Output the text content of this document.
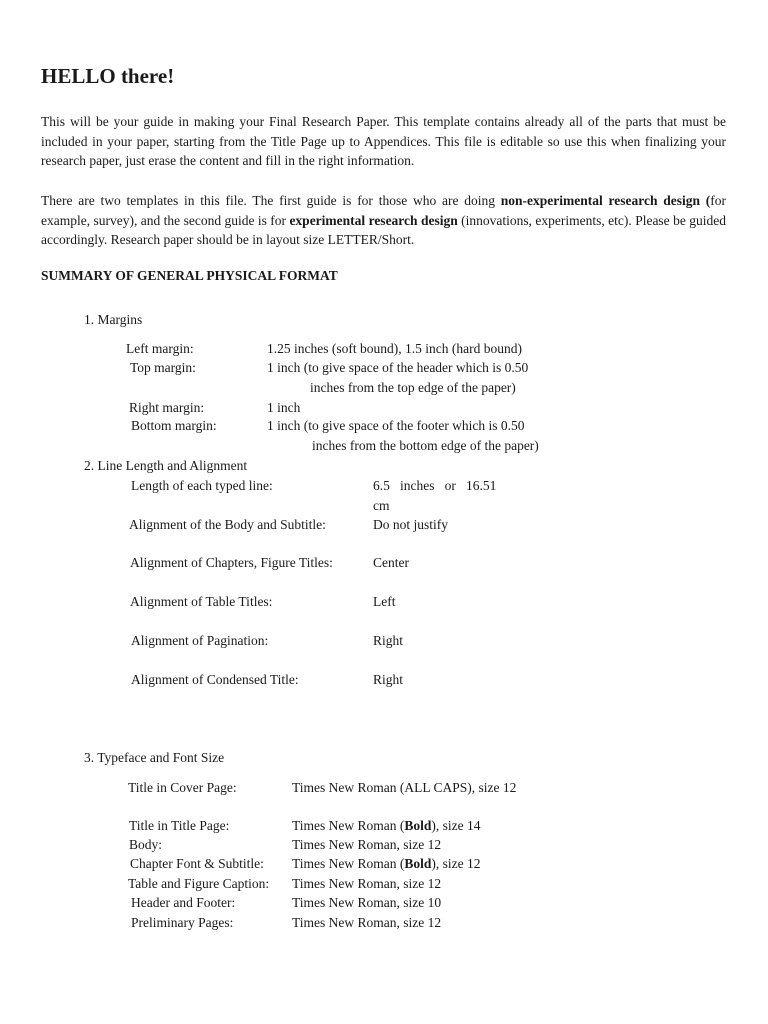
HELLO there!

This will be your guide in making your Final Research Paper. This template contains already all of the parts that must be included in your paper, starting from the Title Page up to Appendices. This file is editable so use this when finalizing your research paper, just erase the content and fill in the right information.

There are two templates in this file. The first guide is for those who are doing non-experimental research design (for example, survey), and the second guide is for experimental research design (innovations, experiments, etc). Please be guided accordingly. Research paper should be in layout size LETTER/Short.

SUMMARY OF GENERAL PHYSICAL FORMAT
1. Margins
Left margin:	1.25 inches (soft bound), 1.5 inch (hard bound)
Top margin:	1 inch (to give space of the header which is 0.50
inches from the top edge of the paper)
Right margin:	1 inch
Bottom margin:	1 inch (to give space of the footer which is 0.50
inches from the bottom edge of the paper)
2. Line Length and Alignment
Length of each typed line:	6.5   inches   or   16.51
cm
Alignment of the Body and Subtitle:	Do not justify
Alignment of Chapters, Figure Titles:	Center
Alignment of Table Titles:	Left
Alignment of Pagination:	Right
Alignment of Condensed Title:	Right
3. Typeface and Font Size
Title in Cover Page:	Times New Roman (ALL CAPS), size 12
Title in Title Page:	Times New Roman (Bold), size 14
Body:	Times New Roman, size 12
Chapter Font & Subtitle: Times New Roman (Bold), size 12
Table and Figure Caption: Times New Roman, size 12
Header and Footer:	Times New Roman, size 10
Preliminary Pages:	Times New Roman, size 12
